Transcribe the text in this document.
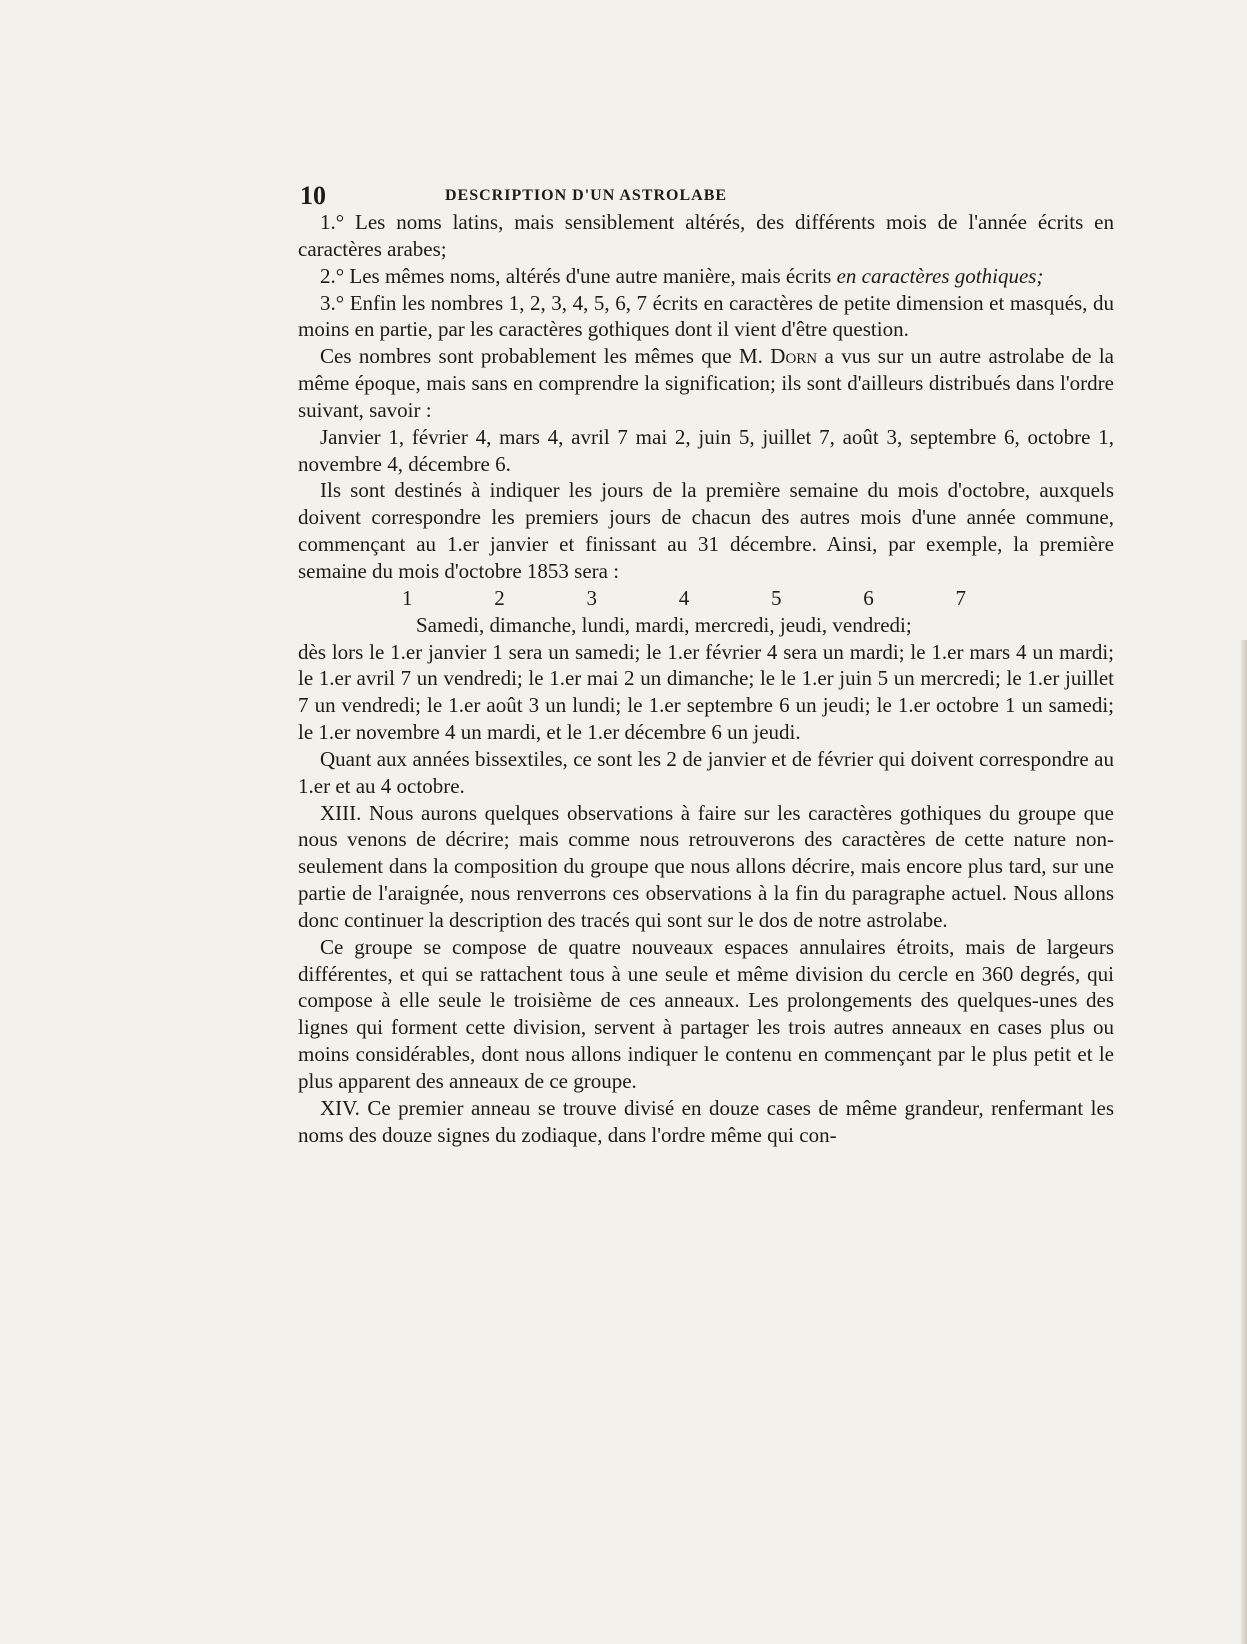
10	DESCRIPTION D'UN ASTROLABE

1.° Les noms latins, mais sensiblement altérés, des différents mois de l'année écrits en caractères arabes;

2.° Les mêmes noms, altérés d'une autre manière, mais écrits en caractères gothiques;

3.° Enfin les nombres 1, 2, 3, 4, 5, 6, 7 écrits en caractères de petite dimension et masqués, du moins en partie, par les caractères gothiques dont il vient d'être question.

Ces nombres sont probablement les mêmes que M. Dorn a vus sur un autre astrolabe de la même époque, mais sans en comprendre la signification; ils sont d'ailleurs distribués dans l'ordre suivant, savoir :

Janvier 1, février 4, mars 4, avril 7 mai 2, juin 5, juillet 7, août 3, septembre 6, octobre 1, novembre 4, décembre 6.

Ils sont destinés à indiquer les jours de la première semaine du mois d'octobre, auxquels doivent correspondre les premiers jours de chacun des autres mois d'une année commune, commençant au 1.er janvier et finissant au 31 décembre. Ainsi, par exemple, la première semaine du mois d'octobre 1853 sera :

1	2	3	4	5	6	7

Samedi, dimanche, lundi, mardi, mercredi, jeudi, vendredi;

dès lors le 1.er janvier 1 sera un samedi; le 1.er février 4 sera un mardi; le 1.er mars 4 un mardi; le 1.er avril 7 un vendredi; le 1.er mai 2 un dimanche; le le 1.er juin 5 un mercredi; le 1.er juillet 7 un vendredi; le 1.er août 3 un lundi; le 1.er septembre 6 un jeudi; le 1.er octobre 1 un samedi; le 1.er novembre 4 un mardi, et le 1.er décembre 6 un jeudi.

Quant aux années bissextiles, ce sont les 2 de janvier et de février qui doivent correspondre au 1.er et au 4 octobre.

XIII. Nous aurons quelques observations à faire sur les caractères gothiques du groupe que nous venons de décrire; mais comme nous retrouverons des caractères de cette nature non-seulement dans la composition du groupe que nous allons décrire, mais encore plus tard, sur une partie de l'araignée, nous renverrons ces observations à la fin du paragraphe actuel. Nous allons donc continuer la description des tracés qui sont sur le dos de notre astrolabe.

Ce groupe se compose de quatre nouveaux espaces annulaires étroits, mais de largeurs différentes, et qui se rattachent tous à une seule et même division du cercle en 360 degrés, qui compose à elle seule le troisième de ces anneaux. Les prolongements des quelques-unes des lignes qui forment cette division, servent à partager les trois autres anneaux en cases plus ou moins considérables, dont nous allons indiquer le contenu en commençant par le plus petit et le plus apparent des anneaux de ce groupe.

XIV. Ce premier anneau se trouve divisé en douze cases de même grandeur, renfermant les noms des douze signes du zodiaque, dans l'ordre même qui con-
